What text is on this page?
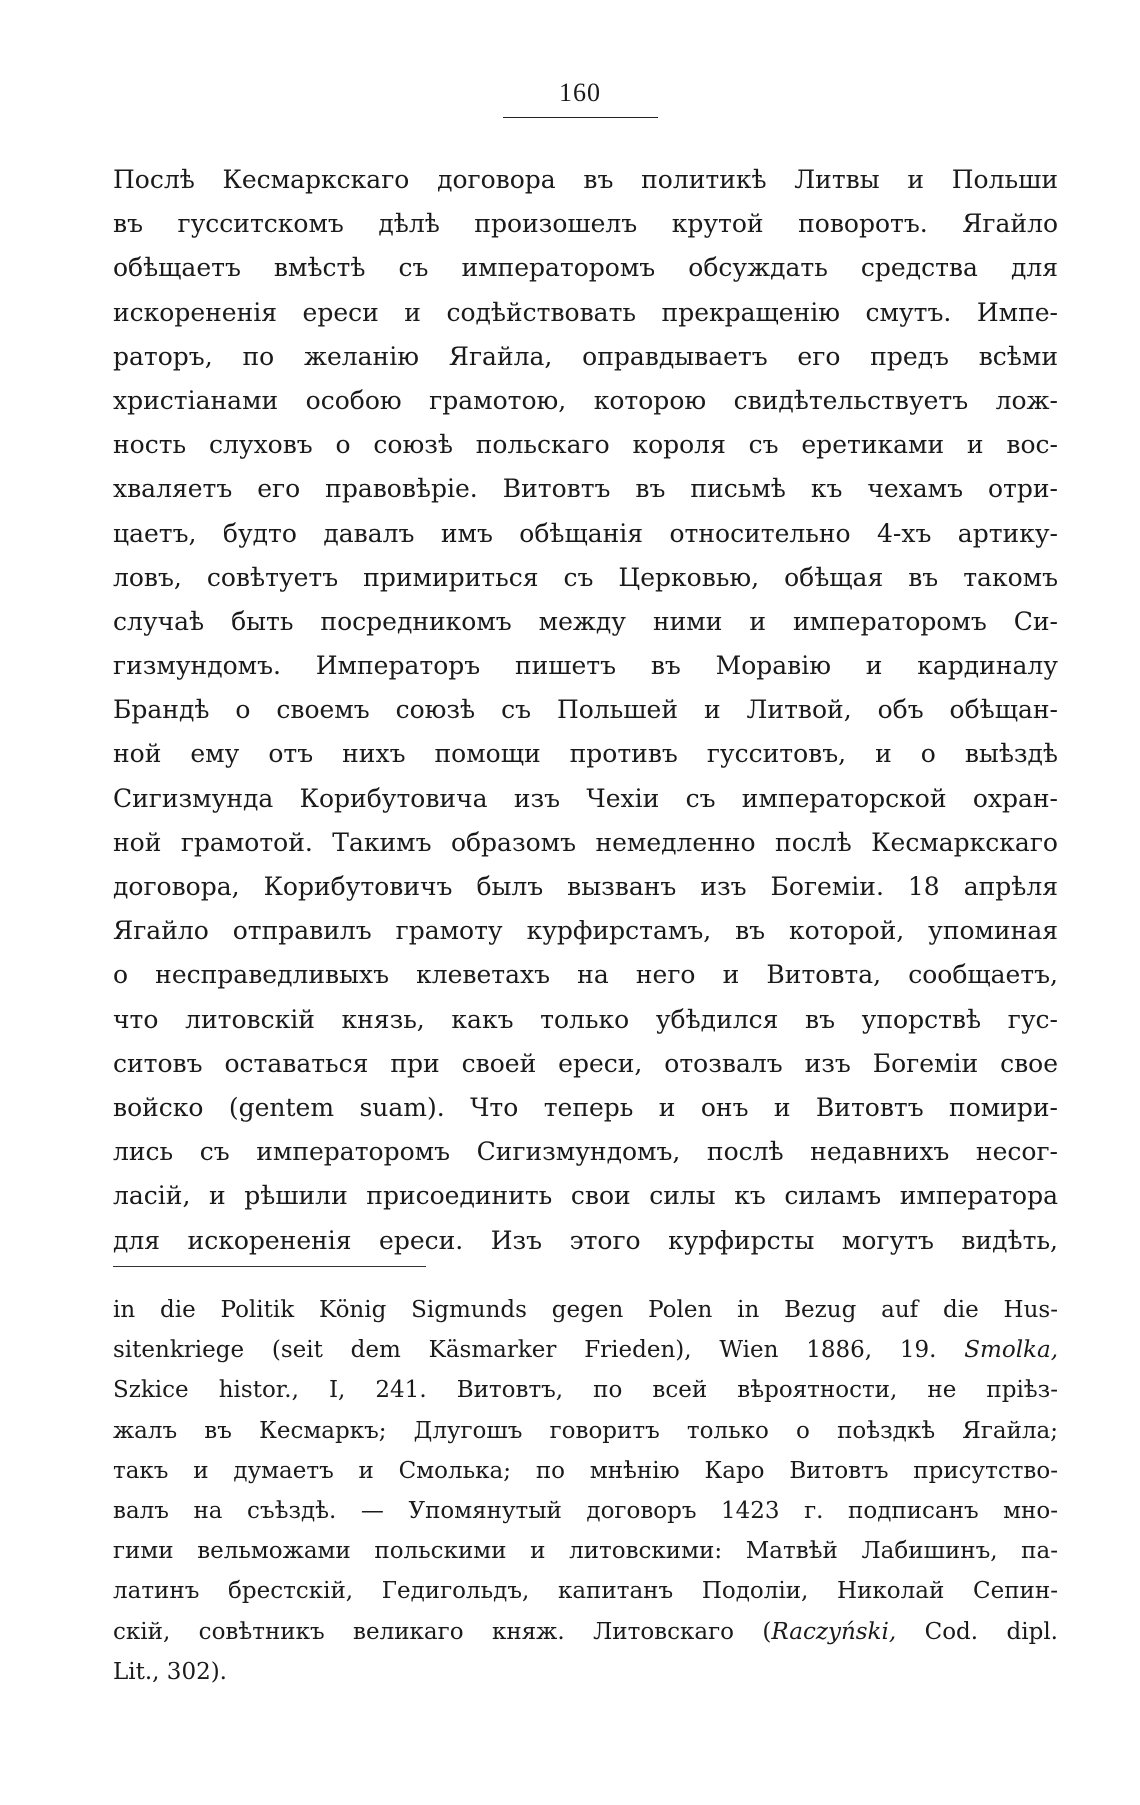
160
Послѣ Кесмаркскаго договора въ политикѣ Литвы и Польши
въ гусситскомъ дѣлѣ произошелъ крутой поворотъ. Ягайло
обѣщаетъ вмѣстѣ съ императоромъ обсуждать средства для
искорененія ереси и содѣйствовать прекращенію смутъ. Импе-
раторъ, по желанію Ягайла, оправдываетъ его предъ всѣми
христіанами особою грамотою, которою свидѣтельствуетъ лож-
ность слуховъ о союзѣ польскаго короля съ еретиками и вос-
хваляетъ его правовѣріе. Витовтъ въ письмѣ къ чехамъ отри-
цаетъ, будто давалъ имъ обѣщанія относительно 4-хъ артику-
ловъ, совѣтуетъ примириться съ Церковью, обѣщая въ такомъ
случаѣ быть посредникомъ между ними и императоромъ Си-
гизмундомъ. Императоръ пишетъ въ Моравію и кардиналу
Брандѣ о своемъ союзѣ съ Польшей и Литвой, объ обѣщан-
ной ему отъ нихъ помощи противъ гусситовъ, и о выѣздѣ
Сигизмунда Корибутовича изъ Чехіи съ императорской охран-
ной грамотой. Такимъ образомъ немедленно послѣ Кесмаркскаго
договора, Корибутовичъ былъ вызванъ изъ Богеміи. 18 апрѣля
Ягайло отправилъ грамоту курфирстамъ, въ которой, упоминая
о несправедливыхъ клеветахъ на него и Витовта, сообщаетъ,
что литовскій князь, какъ только убѣдился въ упорствѣ гус-
ситовъ оставаться при своей ереси, отозвалъ изъ Богеміи свое
войско (gentem suam). Что теперь и онъ и Витовтъ помири-
лись съ императоромъ Сигизмундомъ, послѣ недавнихъ несог-
ласій, и рѣшили присоединить свои силы къ силамъ императора
для искорененія ереси. Изъ этого курфирсты могутъ видѣть,
in die Politik König Sigmunds gegen Polen in Bezug auf die Hus-
sitenkriege (seit dem Käsmarker Frieden), Wien 1886, 19. Smolka,
Szkice histor., I, 241. Витовтъ, по всей вѣроятности, не пріѣз-
жалъ въ Кесмаркъ; Длугошъ говоритъ только о поѣздкѣ Ягайла;
такъ и думаетъ и Смолька; по мнѣнію Каро Витовтъ присутство-
валъ на съѣздѣ. — Упомянутый договоръ 1423 г. подписанъ мно-
гими вельможами польскими и литовскими: Матвѣй Лабишинъ, па-
латинъ брестскій, Гедигольдъ, капитанъ Подоліи, Николай Сепин-
скій, совѣтникъ великаго княж. Литовскаго (Raczyński, Cod. dipl.
Lit., 302).
